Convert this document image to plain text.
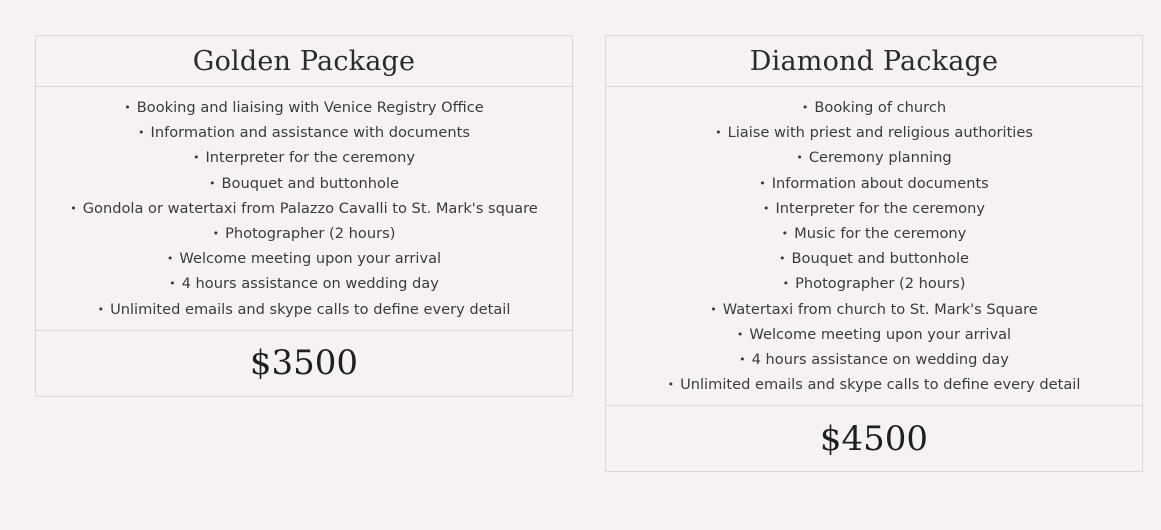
Golden Package
• Booking and liaising with Venice Registry Office
• Information and assistance with documents
• Interpreter for the ceremony
• Bouquet and buttonhole
• Gondola or watertaxi from Palazzo Cavalli to St. Mark's square
• Photographer (2 hours)
• Welcome meeting upon your arrival
• 4 hours assistance on wedding day
• Unlimited emails and skype calls to define every detail
$3500
Diamond Package
• Booking of church
• Liaise with priest and religious authorities
• Ceremony planning
• Information about documents
• Interpreter for the ceremony
• Music for the ceremony
• Bouquet and buttonhole
• Photographer (2 hours)
• Watertaxi from church to St. Mark's Square
• Welcome meeting upon your arrival
• 4 hours assistance on wedding day
• Unlimited emails and skype calls to define every detail
$4500
